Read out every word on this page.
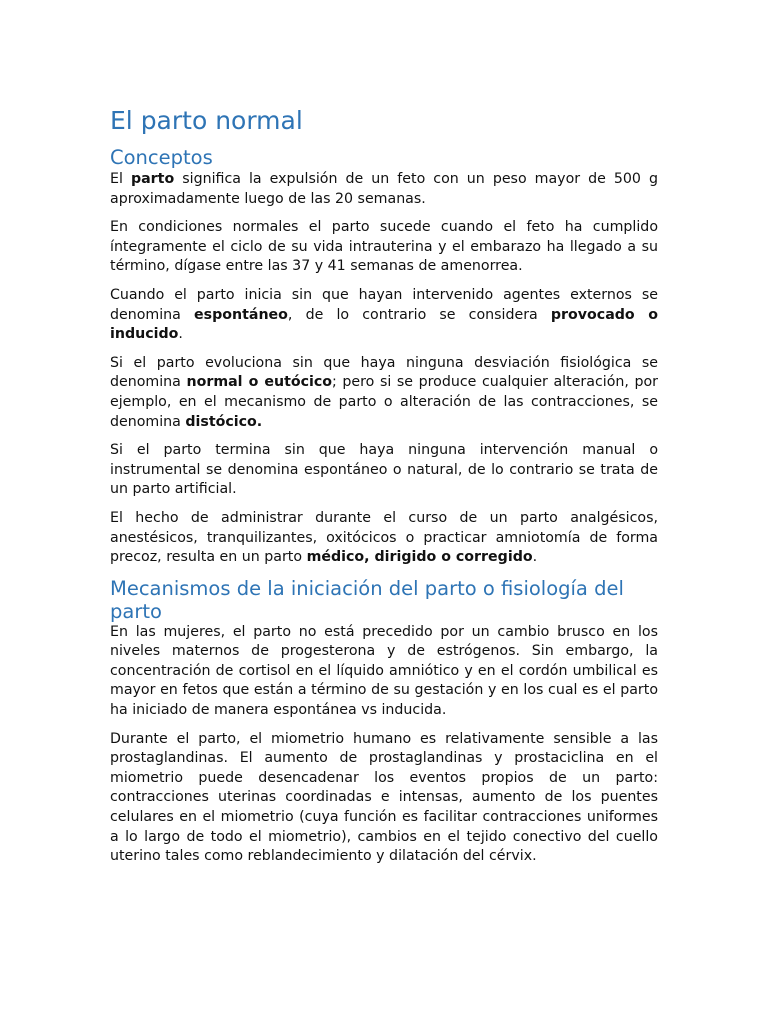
El parto normal
Conceptos

El parto significa la expulsión de un feto con un peso mayor de 500 g aproximadamente luego de las 20 semanas.

En condiciones normales el parto sucede cuando el feto ha cumplido íntegramente el ciclo de su vida intrauterina y el embarazo ha llegado a su término, dígase entre las 37 y 41 semanas de amenorrea.

Cuando el parto inicia sin que hayan intervenido agentes externos se denomina espontáneo, de lo contrario se considera provocado o inducido.

Si el parto evoluciona sin que haya ninguna desviación fisiológica se denomina normal o eutócico; pero si se produce cualquier alteración, por ejemplo, en el mecanismo de parto o alteración de las contracciones, se denomina distócico.

Si el parto termina sin que haya ninguna intervención manual o instrumental se denomina espontáneo o natural, de lo contrario se trata de un parto artificial.

El hecho de administrar durante el curso de un parto analgésicos, anestésicos, tranquilizantes, oxitócicos o practicar amniotomía de forma precoz, resulta en un parto médico, dirigido o corregido.

Mecanismos de la iniciación del parto o fisiología del parto

En las mujeres, el parto no está precedido por un cambio brusco en los niveles maternos de progesterona y de estrógenos. Sin embargo, la concentración de cortisol en el líquido amniótico y en el cordón umbilical es mayor en fetos que están a término de su gestación y en los cual es el parto ha iniciado de manera espontánea vs inducida.

Durante el parto, el miometrio humano es relativamente sensible a las prostaglandinas. El aumento de prostaglandinas y prostaciclina en el miometrio puede desencadenar los eventos propios de un parto: contracciones uterinas coordinadas e intensas, aumento de los puentes celulares en el miometrio (cuya función es facilitar contracciones uniformes a lo largo de todo el miometrio), cambios en el tejido conectivo del cuello uterino tales como reblandecimiento y dilatación del cérvix.
